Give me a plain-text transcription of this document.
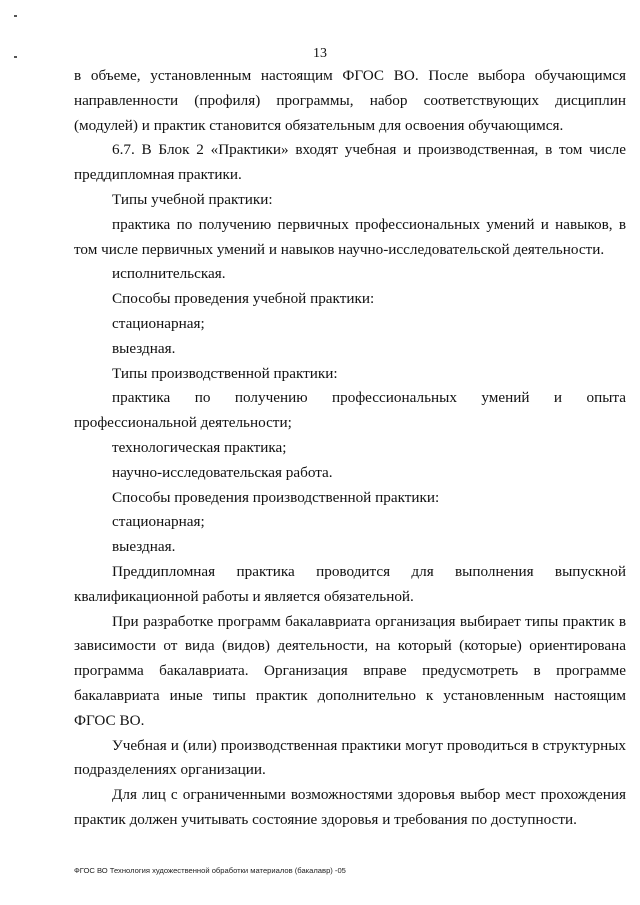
13

в объеме, установленным настоящим ФГОС ВО. После выбора обучающимся направленности (профиля) программы, набор соответствующих дисциплин (модулей) и практик становится обязательным для освоения обучающимся.

6.7. В Блок 2 «Практики» входят учебная и производственная, в том числе преддипломная практики.

Типы учебной практики:

практика по получению первичных профессиональных умений и навыков, в том числе первичных умений и навыков научно-исследовательской деятельности.

исполнительская.

Способы проведения учебной практики:

стационарная;

выездная.

Типы производственной практики:

практика по получению профессиональных умений и опыта профессиональной деятельности;

технологическая практика;

научно-исследовательская работа.

Способы проведения производственной практики:

стационарная;

выездная.

Преддипломная практика проводится для выполнения выпускной квалификационной работы и является обязательной.

При разработке программ бакалавриата организация выбирает типы практик в зависимости от вида (видов) деятельности, на который (которые) ориентирована программа бакалавриата. Организация вправе предусмотреть в программе бакалавриата иные типы практик дополнительно к установленным настоящим ФГОС ВО.

Учебная и (или) производственная практики могут проводиться в структурных подразделениях организации.

Для лиц с ограниченными возможностями здоровья выбор мест прохождения практик должен учитывать состояние здоровья и требования по доступности.

ФГОС ВО Технология художественной обработки материалов (бакалавр) -05
